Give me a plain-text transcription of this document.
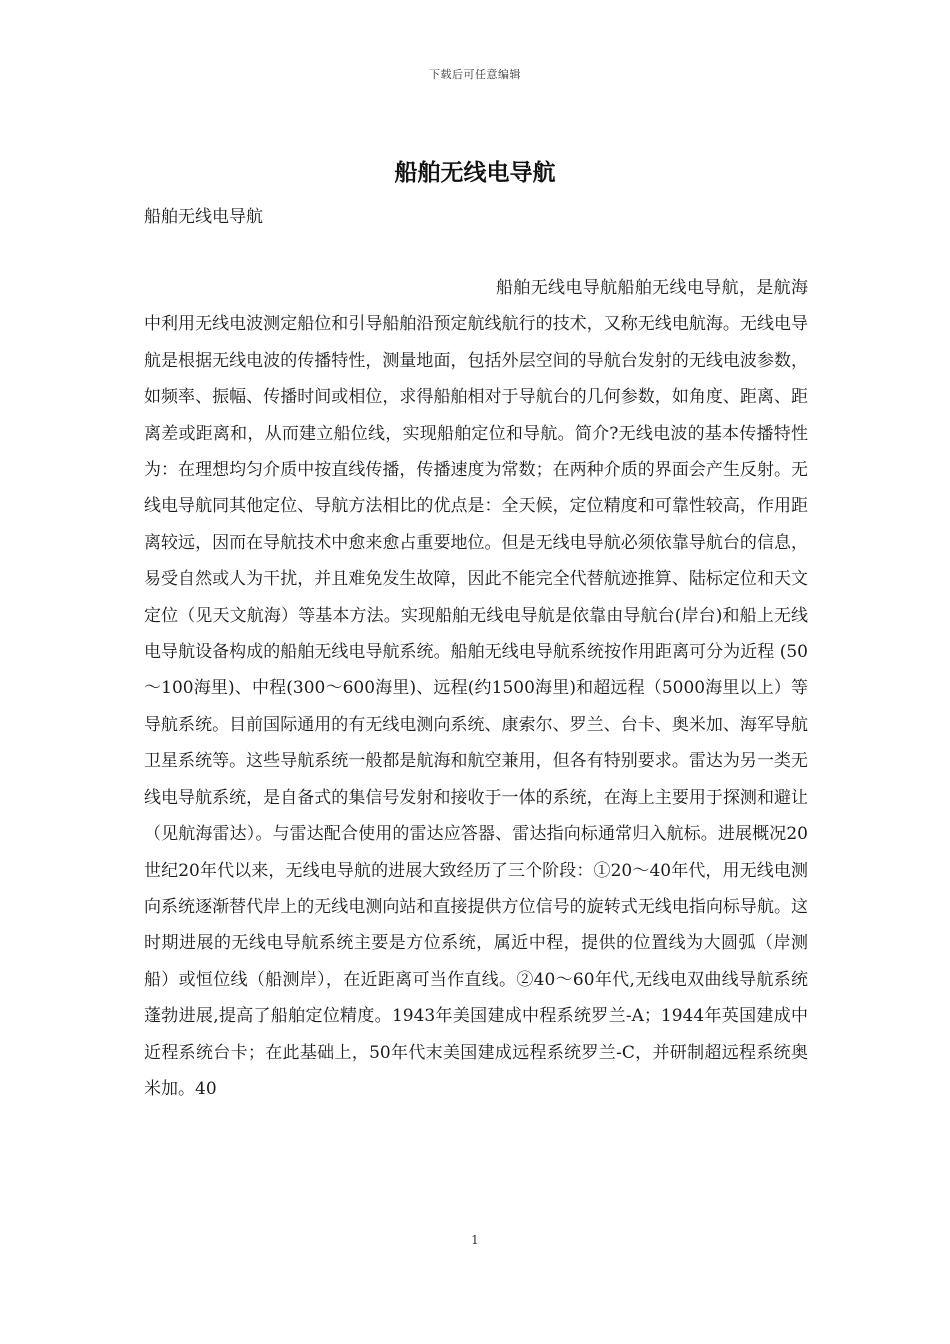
下载后可任意编辑
船舶无线电导航
船舶无线电导航
船舶无线电导航船舶无线电导航，是航海中利用无线电波测定船位和引导船舶沿预定航线航行的技术，又称无线电航海。无线电导航是根据无线电波的传播特性，测量地面，包括外层空间的导航台发射的无线电波参数，如频率、振幅、传播时间或相位，求得船舶相对于导航台的几何参数，如角度、距离、距离差或距离和，从而建立船位线，实现船舶定位和导航。简介?无线电波的基本传播特性为：在理想均匀介质中按直线传播，传播速度为常数；在两种介质的界面会产生反射。无线电导航同其他定位、导航方法相比的优点是：全天候，定位精度和可靠性较高，作用距离较远，因而在导航技术中愈来愈占重要地位。但是无线电导航必须依靠导航台的信息，易受自然或人为干扰，并且难免发生故障，因此不能完全代替航迹推算、陆标定位和天文定位（见天文航海）等基本方法。实现船舶无线电导航是依靠由导航台(岸台)和船上无线电导航设备构成的船舶无线电导航系统。船舶无线电导航系统按作用距离可分为近程 (50～100海里)、中程(300～600海里)、远程(约1500海里)和超远程（5000海里以上）等导航系统。目前国际通用的有无线电测向系统、康索尔、罗兰、台卡、奥米加、海军导航卫星系统等。这些导航系统一般都是航海和航空兼用，但各有特别要求。雷达为另一类无线电导航系统，是自备式的集信号发射和接收于一体的系统，在海上主要用于探测和避让（见航海雷达）。与雷达配合使用的雷达应答器、雷达指向标通常归入航标。进展概况20世纪20年代以来，无线电导航的进展大致经历了三个阶段：①20～40年代，用无线电测向系统逐渐替代岸上的无线电测向站和直接提供方位信号的旋转式无线电指向标导航。这时期进展的无线电导航系统主要是方位系统，属近中程，提供的位置线为大圆弧（岸测船）或恒位线（船测岸），在近距离可当作直线。②40～60年代,无线电双曲线导航系统蓬勃进展,提高了船舶定位精度。1943年美国建成中程系统罗兰-A；1944年英国建成中近程系统台卡；在此基础上，50年代末美国建成远程系统罗兰-C，并研制超远程系统奥米加。40
1
